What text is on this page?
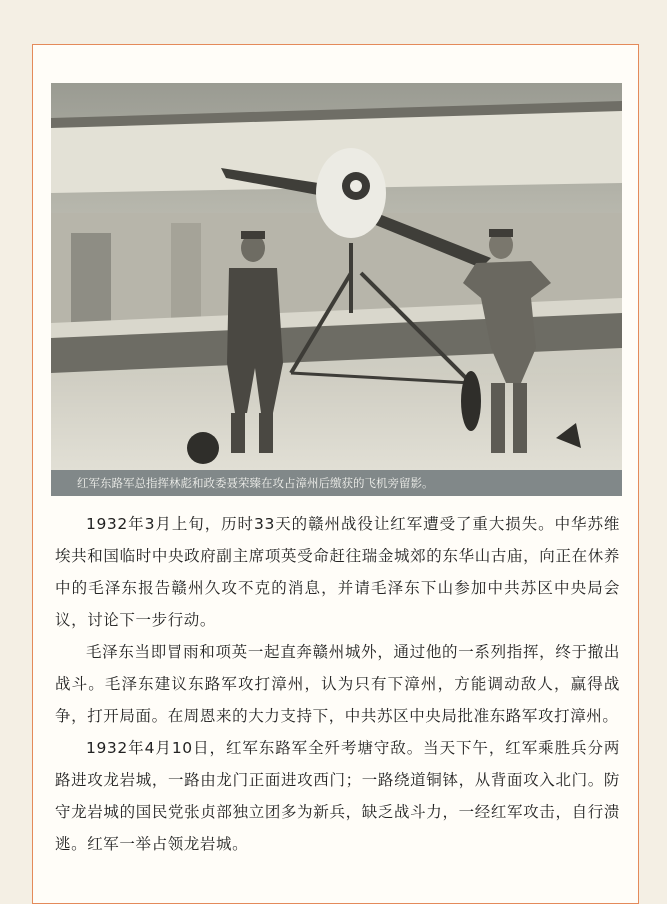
红军东路军总指挥林彪和政委聂荣臻在攻占漳州后缴获的飞机旁留影。

1932年3月上旬，历时33天的赣州战役让红军遭受了重大损失。中华苏维埃共和国临时中央政府副主席项英受命赶往瑞金城郊的东华山古庙，向正在休养中的毛泽东报告赣州久攻不克的消息，并请毛泽东下山参加中共苏区中央局会议，讨论下一步行动。

毛泽东当即冒雨和项英一起直奔赣州城外，通过他的一系列指挥，终于撤出战斗。毛泽东建议东路军攻打漳州，认为只有下漳州，方能调动敌人，赢得战争，打开局面。在周恩来的大力支持下，中共苏区中央局批准东路军攻打漳州。

1932年4月10日，红军东路军全歼考塘守敌。当天下午，红军乘胜兵分两路进攻龙岩城，一路由龙门正面进攻西门；一路绕道铜钵，从背面攻入北门。防守龙岩城的国民党张贞部独立团多为新兵，缺乏战斗力，一经红军攻击，自行溃逃。红军一举占领龙岩城。
